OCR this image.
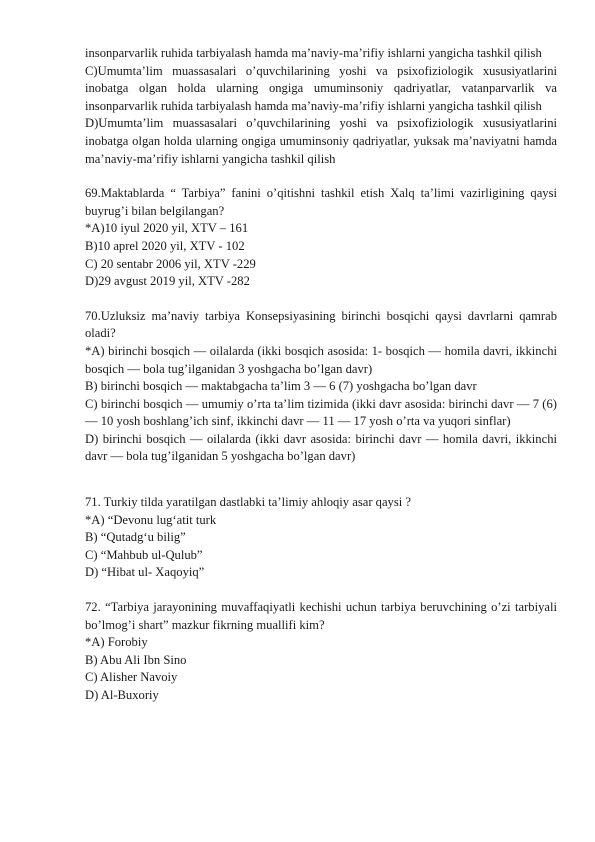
insonparvarlik ruhida tarbiyalash hamda ma’naviy-ma’rifiy ishlarni yangicha tashkil qilish

C)Umumta’lim muassasalari o’quvchilarining yoshi va psixofiziologik xususiyatlarini inobatga olgan holda ularning ongiga umuminsoniy qadriyatlar, vatanparvarlik va insonparvarlik ruhida tarbiyalash hamda ma’naviy-ma’rifiy ishlarni yangicha tashkil qilish

D)Umumta’lim muassasalari o’quvchilarining yoshi va psixofiziologik xususiyatlarini inobatga olgan holda ularning ongiga umuminsoniy qadriyatlar, yuksak ma’naviyatni hamda ma’naviy-ma’rifiy ishlarni yangicha tashkil qilish

69.Maktablarda “ Tarbiya” fanini o’qitishni tashkil etish Xalq ta’limi vazirligining qaysi buyrug’i bilan belgilangan?

*A)10 iyul 2020 yil, XTV – 161

B)10 aprel 2020 yil, XTV - 102

C) 20 sentabr 2006 yil, XTV -229

D)29 avgust 2019 yil, XTV -282

70.Uzluksiz ma’naviy tarbiya Konsepsiyasining birinchi bosqichi qaysi davrlarni qamrab oladi?

*A) birinchi bosqich — oilalarda (ikki bosqich asosida: 1- bosqich — homila davri, ikkinchi bosqich — bola tug’ilganidan 3 yoshgacha bo’lgan davr)

B) birinchi bosqich — maktabgacha ta’lim 3 — 6 (7) yoshgacha bo’lgan davr

C) birinchi bosqich — umumiy o’rta ta’lim tizimida (ikki davr asosida: birinchi davr — 7 (6) — 10 yosh boshlang’ich sinf, ikkinchi davr — 11 — 17 yosh o’rta va yuqori sinflar)

D) birinchi bosqich — oilalarda (ikki davr asosida: birinchi davr — homila davri, ikkinchi davr — bola tug’ilganidan 5 yoshgacha bo’lgan davr)

71. Turkiy tilda yaratilgan dastlabki ta’limiy ahloqiy asar qaysi ?

*A) “Devonu lug‘atit turk

B) “Qutadg‘u bilig”

C) “Mahbub ul-Qulub”

D) “Hibat ul- Xaqoyiq”

72. “Tarbiya jarayonining muvaffaqiyatli kechishi uchun tarbiya beruvchining o’zi tarbiyali bo’lmog’i shart” mazkur fikrning muallifi kim?

*A) Forobiy

B) Abu Ali Ibn Sino

C) Alisher Navoiy

D) Al-Buxoriy
